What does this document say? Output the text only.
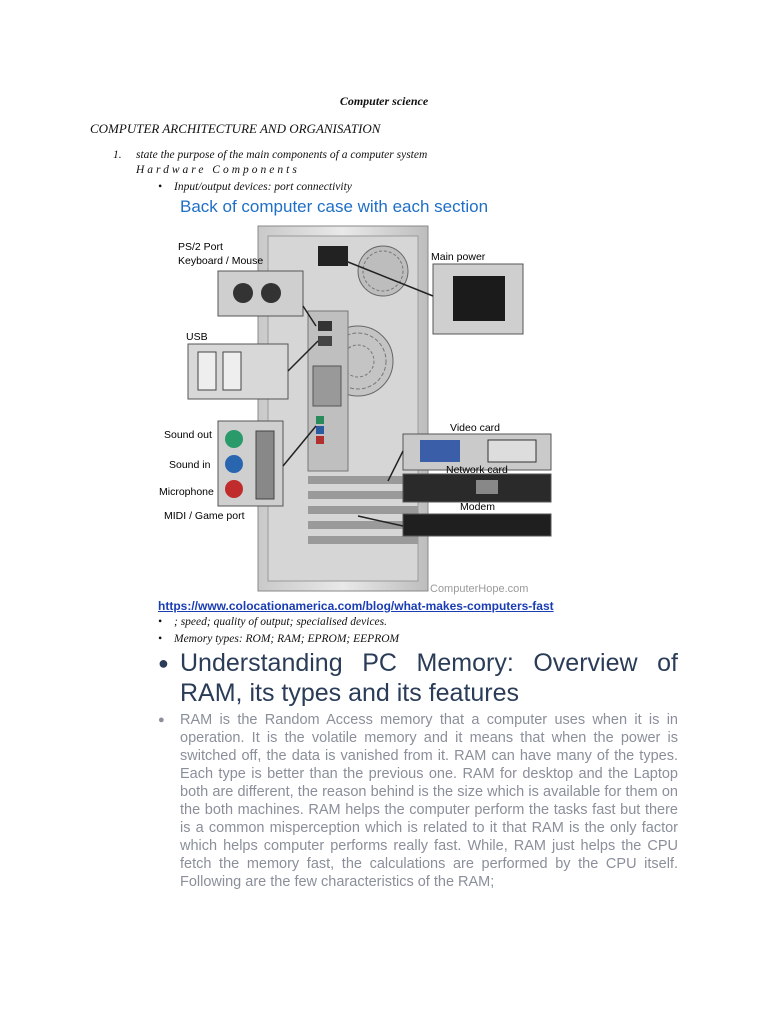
Computer science
COMPUTER ARCHITECTURE AND ORGANISATION
1. state the purpose of the main components of a computer system
Hardware Components
• Input/output devices: port connectivity
Back of computer case with each section
PS/2 Port
Keyboard / Mouse	Main power
USB
Sound out
Sound in
Microphone
MIDI / Game port
Video card
Network card
Modem
ComputerHope.com
https://www.colocationamerica.com/blog/what-makes-computers-fast
• ; speed; quality of output; specialised devices.
• Memory types: ROM; RAM; EPROM; EEPROM
● Understanding PC Memory: Overview of RAM, its types and its features
● RAM is the Random Access memory that a computer uses when it is in operation. It is the volatile memory and it means that when the power is switched off, the data is vanished from it. RAM can have many of the types. Each type is better than the previous one. RAM for desktop and the Laptop both are different, the reason behind is the size which is available for them on the both machines. RAM helps the computer perform the tasks fast but there is a common misperception which is related to it that RAM is the only factor which helps computer performs really fast. While, RAM just helps the CPU fetch the memory fast, the calculations are performed by the CPU itself. Following are the few characteristics of the RAM;
